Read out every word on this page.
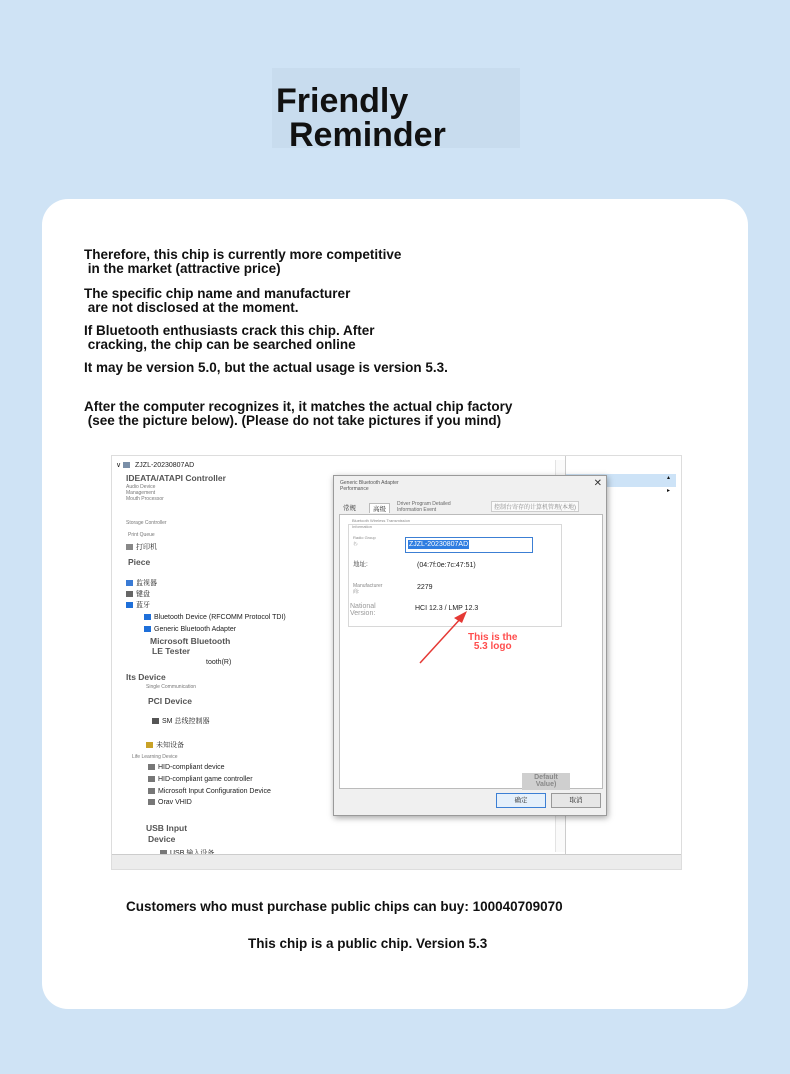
Friendly
Reminder
Therefore, this chip is currently more competitive
in the market (attractive price)
The specific chip name and manufacturer
are not disclosed at the moment.
If Bluetooth enthusiasts crack this chip. After
cracking, the chip can be searched online
It may be version 5.0, but the actual usage is version 5.3.
After the computer recognizes it, it matches the actual chip factory
(see the picture below). (Please do not take pictures if you mind)
∨ ZJZL-20230807AD
IDEATA/ATAPI Controller
Audio Device
Management
Mouth Processor
Storage Controller
Print Queue
打印机
Piece
监视器
键盘
蓝牙
Bluetooth Device (RFCOMM Protocol TDI)
Generic Bluetooth Adapter
Microsoft Bluetooth
LE Tester
tooth(R)
Its Device
Single Communication
PCI Device
SM 总线控制器
未知设备
Life Learning Device
HID-compliant device
HID-compliant game controller
Microsoft Input Configuration Device
Orav VHID
USB Input
Device
▸
▴
Generic Bluetooth Adapter
Performance	✕
常规	高级
Driver Program Detailed
Information Event	控制台寄存的计算机管理(本地)
Bluetooth Wireless Transmission
Information
Radio Group
名:	ZJZL-20230807AD
地址:	(04:7f:0e:7c:47:51)
Manufacturer
商:
2279
National
Version:
HCI 12.3 / LMP 12.3
This is the
5.3 logo
Default
Value)
确定	取消
Customers who must purchase public chips can buy: 100040709070
This chip is a public chip. Version 5.3
